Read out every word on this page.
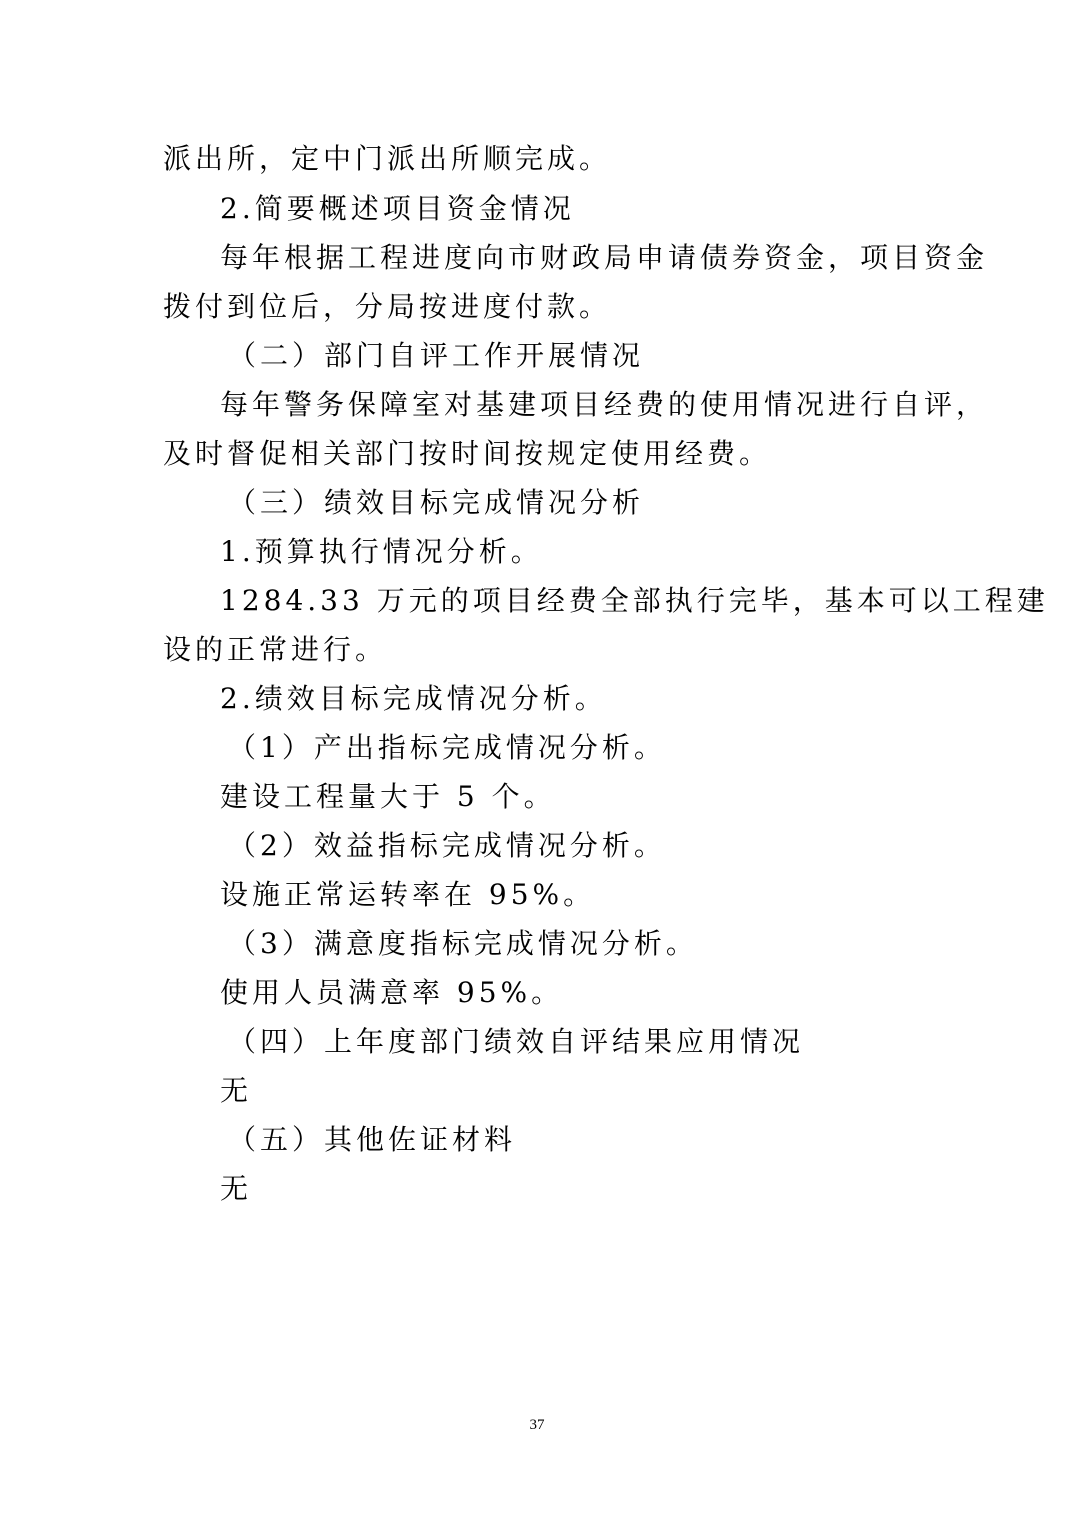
派出所，定中门派出所顺完成。
2.简要概述项目资金情况
每年根据工程进度向市财政局申请债券资金，项目资金
拨付到位后，分局按进度付款。
（二）部门自评工作开展情况
每年警务保障室对基建项目经费的使用情况进行自评，
及时督促相关部门按时间按规定使用经费。
（三）绩效目标完成情况分析
1.预算执行情况分析。
1284.33 万元的项目经费全部执行完毕，基本可以工程建
设的正常进行。
2.绩效目标完成情况分析。
（1）产出指标完成情况分析。
建设工程量大于 5 个。
（2）效益指标完成情况分析。
设施正常运转率在 95%。
（3）满意度指标完成情况分析。
使用人员满意率 95%。
（四）上年度部门绩效自评结果应用情况
无
（五）其他佐证材料
无
37
